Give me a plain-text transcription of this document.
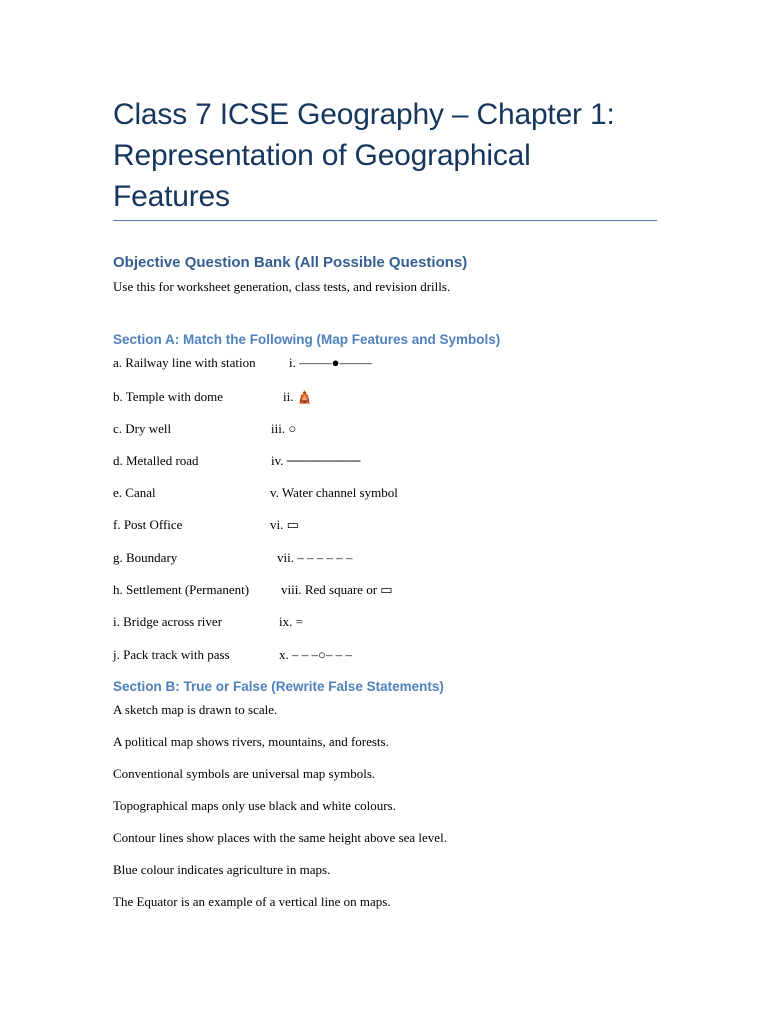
Class 7 ICSE Geography – Chapter 1:
Representation of Geographical
Features
Objective Question Bank (All Possible Questions)

Use this for worksheet generation, class tests, and revision drills.

Section A: Match the Following (Map Features and Symbols)
a. Railway line with station	i. –––––●–––––
b. Temple with dome	ii. 🛕
c. Dry well	iii. ○
d. Metalled road	iv. ────────
e. Canal	v. Water channel symbol
f. Post Office	vi. ▭
g. Boundary	vii. – – – – – –
h. Settlement (Permanent) viii. Red square or ▭
i. Bridge across river	ix. =
j. Pack track with pass	x. – – –○– – –
Section B: True or False (Rewrite False Statements)
A sketch map is drawn to scale.
A political map shows rivers, mountains, and forests.
Conventional symbols are universal map symbols.
Topographical maps only use black and white colours.
Contour lines show places with the same height above sea level.
Blue colour indicates agriculture in maps.
The Equator is an example of a vertical line on maps.
